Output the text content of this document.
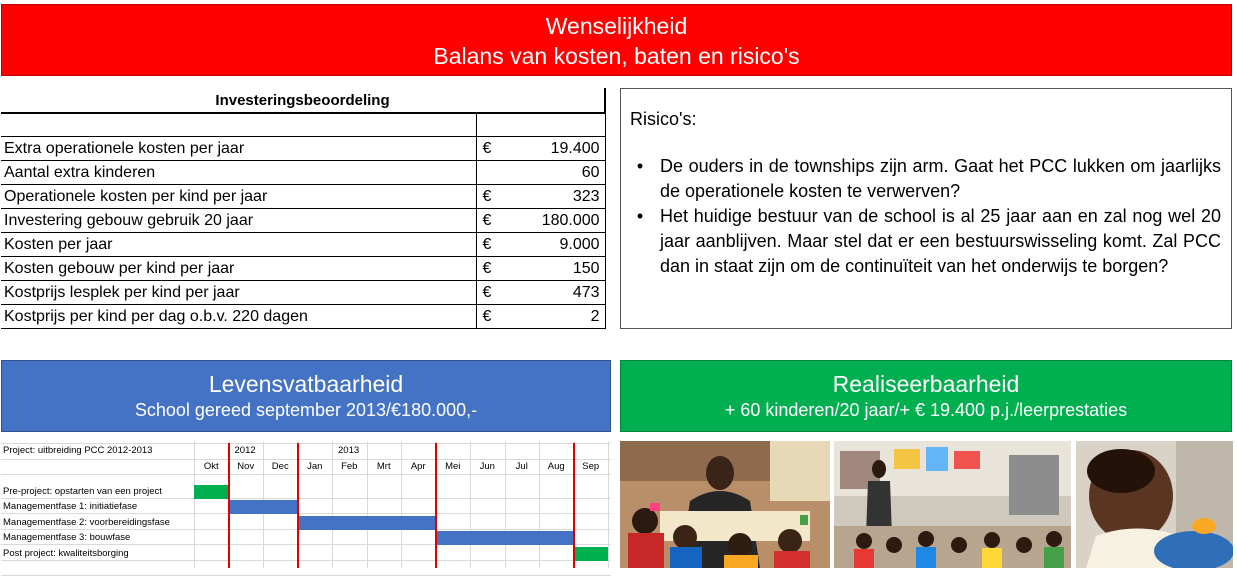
Wenselijkheid
Balans van kosten, baten en risico's
Investeringsbeoordeling		

Extra operationele kosten per jaar	€	19.400
Aantal extra kinderen		60
Operationele kosten per kind per jaar	€	323
Investering gebouw gebruik 20 jaar	€	180.000
Kosten per jaar	€	9.000
Kosten gebouw per kind per jaar	€	150
Kostprijs lesplek per kind per jaar	€	473
Kostprijs per kind per dag o.b.v. 220 dagen	€	2
Risico's:
• De ouders in de townships zijn arm. Gaat het PCC lukken om jaarlijks de operationele kosten te verwerven?
• Het huidige bestuur van de school is al 25 jaar aan en zal nog wel 20 jaar aanblijven. Maar stel dat er een bestuurswisseling komt. Zal PCC dan in staat zijn om de continuïteit van het onderwijs te borgen?
Levensvatbaarheid
School gereed september 2013/€180.000,-
Realiseerbaarheid
+ 60 kinderen/20 jaar/+ € 19.400 p.j./leerprestaties
Project: uitbreiding PCC 2012-2013	2012	2013
Okt	Nov	Dec	Jan	Feb	Mrt	Apr	Mei	Jun	Jul	Aug	Sep
Pre-project: opstarten van een project
Managementfase 1: initiatiefase
Managementfase 2: voorbereidingsfase
Managementfase 3: bouwfase
Post project: kwaliteitsborging
